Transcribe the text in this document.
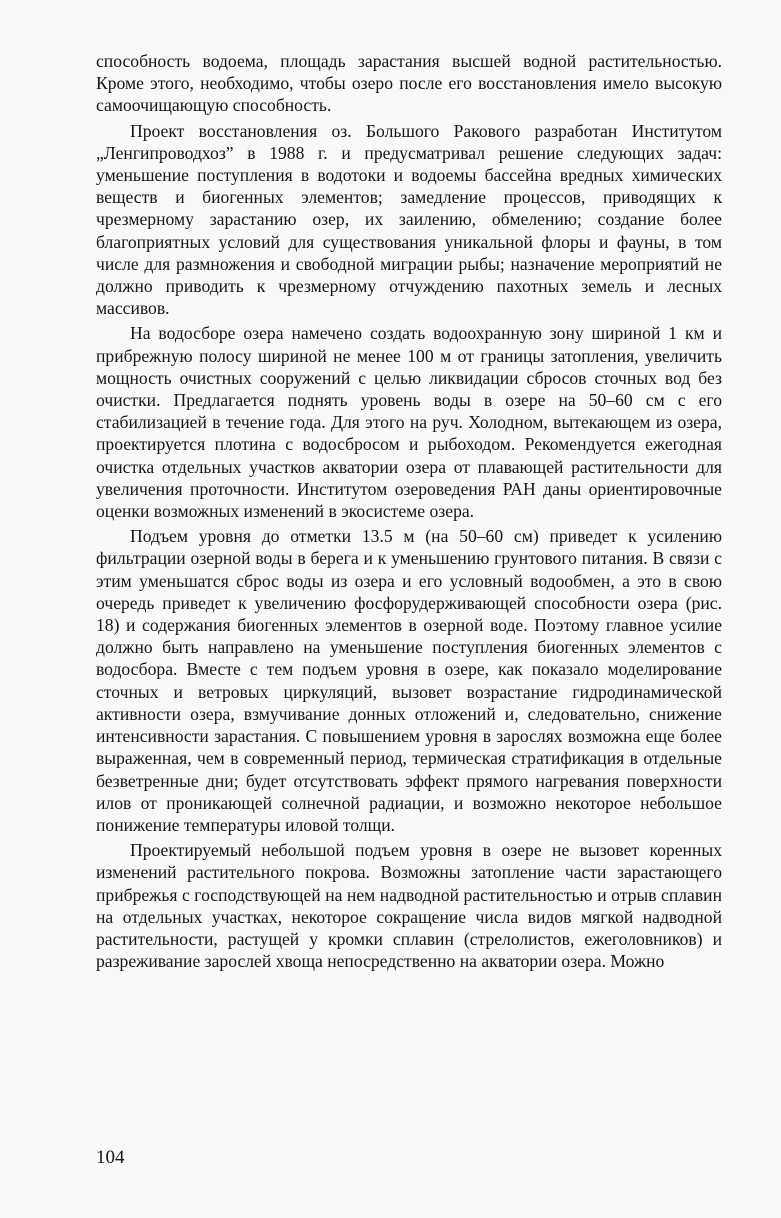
способность водоема, площадь зарастания высшей водной растительностью. Кроме этого, необходимо, чтобы озеро после его восстановления имело высокую самоочищающую способность.

Проект восстановления оз. Большого Ракового разработан Институтом „Ленгипроводхоз” в 1988 г. и предусматривал решение следующих задач: уменьшение поступления в водотоки и водоемы бассейна вредных химических веществ и биогенных элементов; замедление процессов, приводящих к чрезмерному зарастанию озер, их заилению, обмелению; создание более благоприятных условий для существования уникальной флоры и фауны, в том числе для размножения и свободной миграции рыбы; назначение мероприятий не должно приводить к чрезмерному отчуждению пахотных земель и лесных массивов.

На водосборе озера намечено создать водоохранную зону шириной 1 км и прибрежную полосу шириной не менее 100 м от границы затопления, увеличить мощность очистных сооружений с целью ликвидации сбросов сточных вод без очистки. Предлагается поднять уровень воды в озере на 50–60 см с его стабилизацией в течение года. Для этого на руч. Холодном, вытекающем из озера, проектируется плотина с водосбросом и рыбоходом. Рекомендуется ежегодная очистка отдельных участков акватории озера от плавающей растительности для увеличения проточности. Институтом озероведения РАН даны ориентировочные оценки возможных изменений в экосистеме озера.

Подъем уровня до отметки 13.5 м (на 50–60 см) приведет к усилению фильтрации озерной воды в берега и к уменьшению грунтового питания. В связи с этим уменьшатся сброс воды из озера и его условный водообмен, а это в свою очередь приведет к увеличению фосфорудерживающей способности озера (рис. 18) и содержания биогенных элементов в озерной воде. Поэтому главное усилие должно быть направлено на уменьшение поступления биогенных элементов с водосбора. Вместе с тем подъем уровня в озере, как показало моделирование сточных и ветровых циркуляций, вызовет возрастание гидродинамической активности озера, взмучивание донных отложений и, следовательно, снижение интенсивности зарастания. С повышением уровня в зарослях возможна еще более выраженная, чем в современный период, термическая стратификация в отдельные безветренные дни; будет отсутствовать эффект прямого нагревания поверхности илов от проникающей солнечной радиации, и возможно некоторое небольшое понижение температуры иловой толщи.

Проектируемый небольшой подъем уровня в озере не вызовет коренных изменений растительного покрова. Возможны затопление части зарастающего прибрежья с господствующей на нем надводной растительностью и отрыв сплавин на отдельных участках, некоторое сокращение числа видов мягкой надводной растительности, растущей у кромки сплавин (стрелолистов, ежеголовников) и разреживание зарослей хвоща непосредственно на акватории озера. Можно

104
